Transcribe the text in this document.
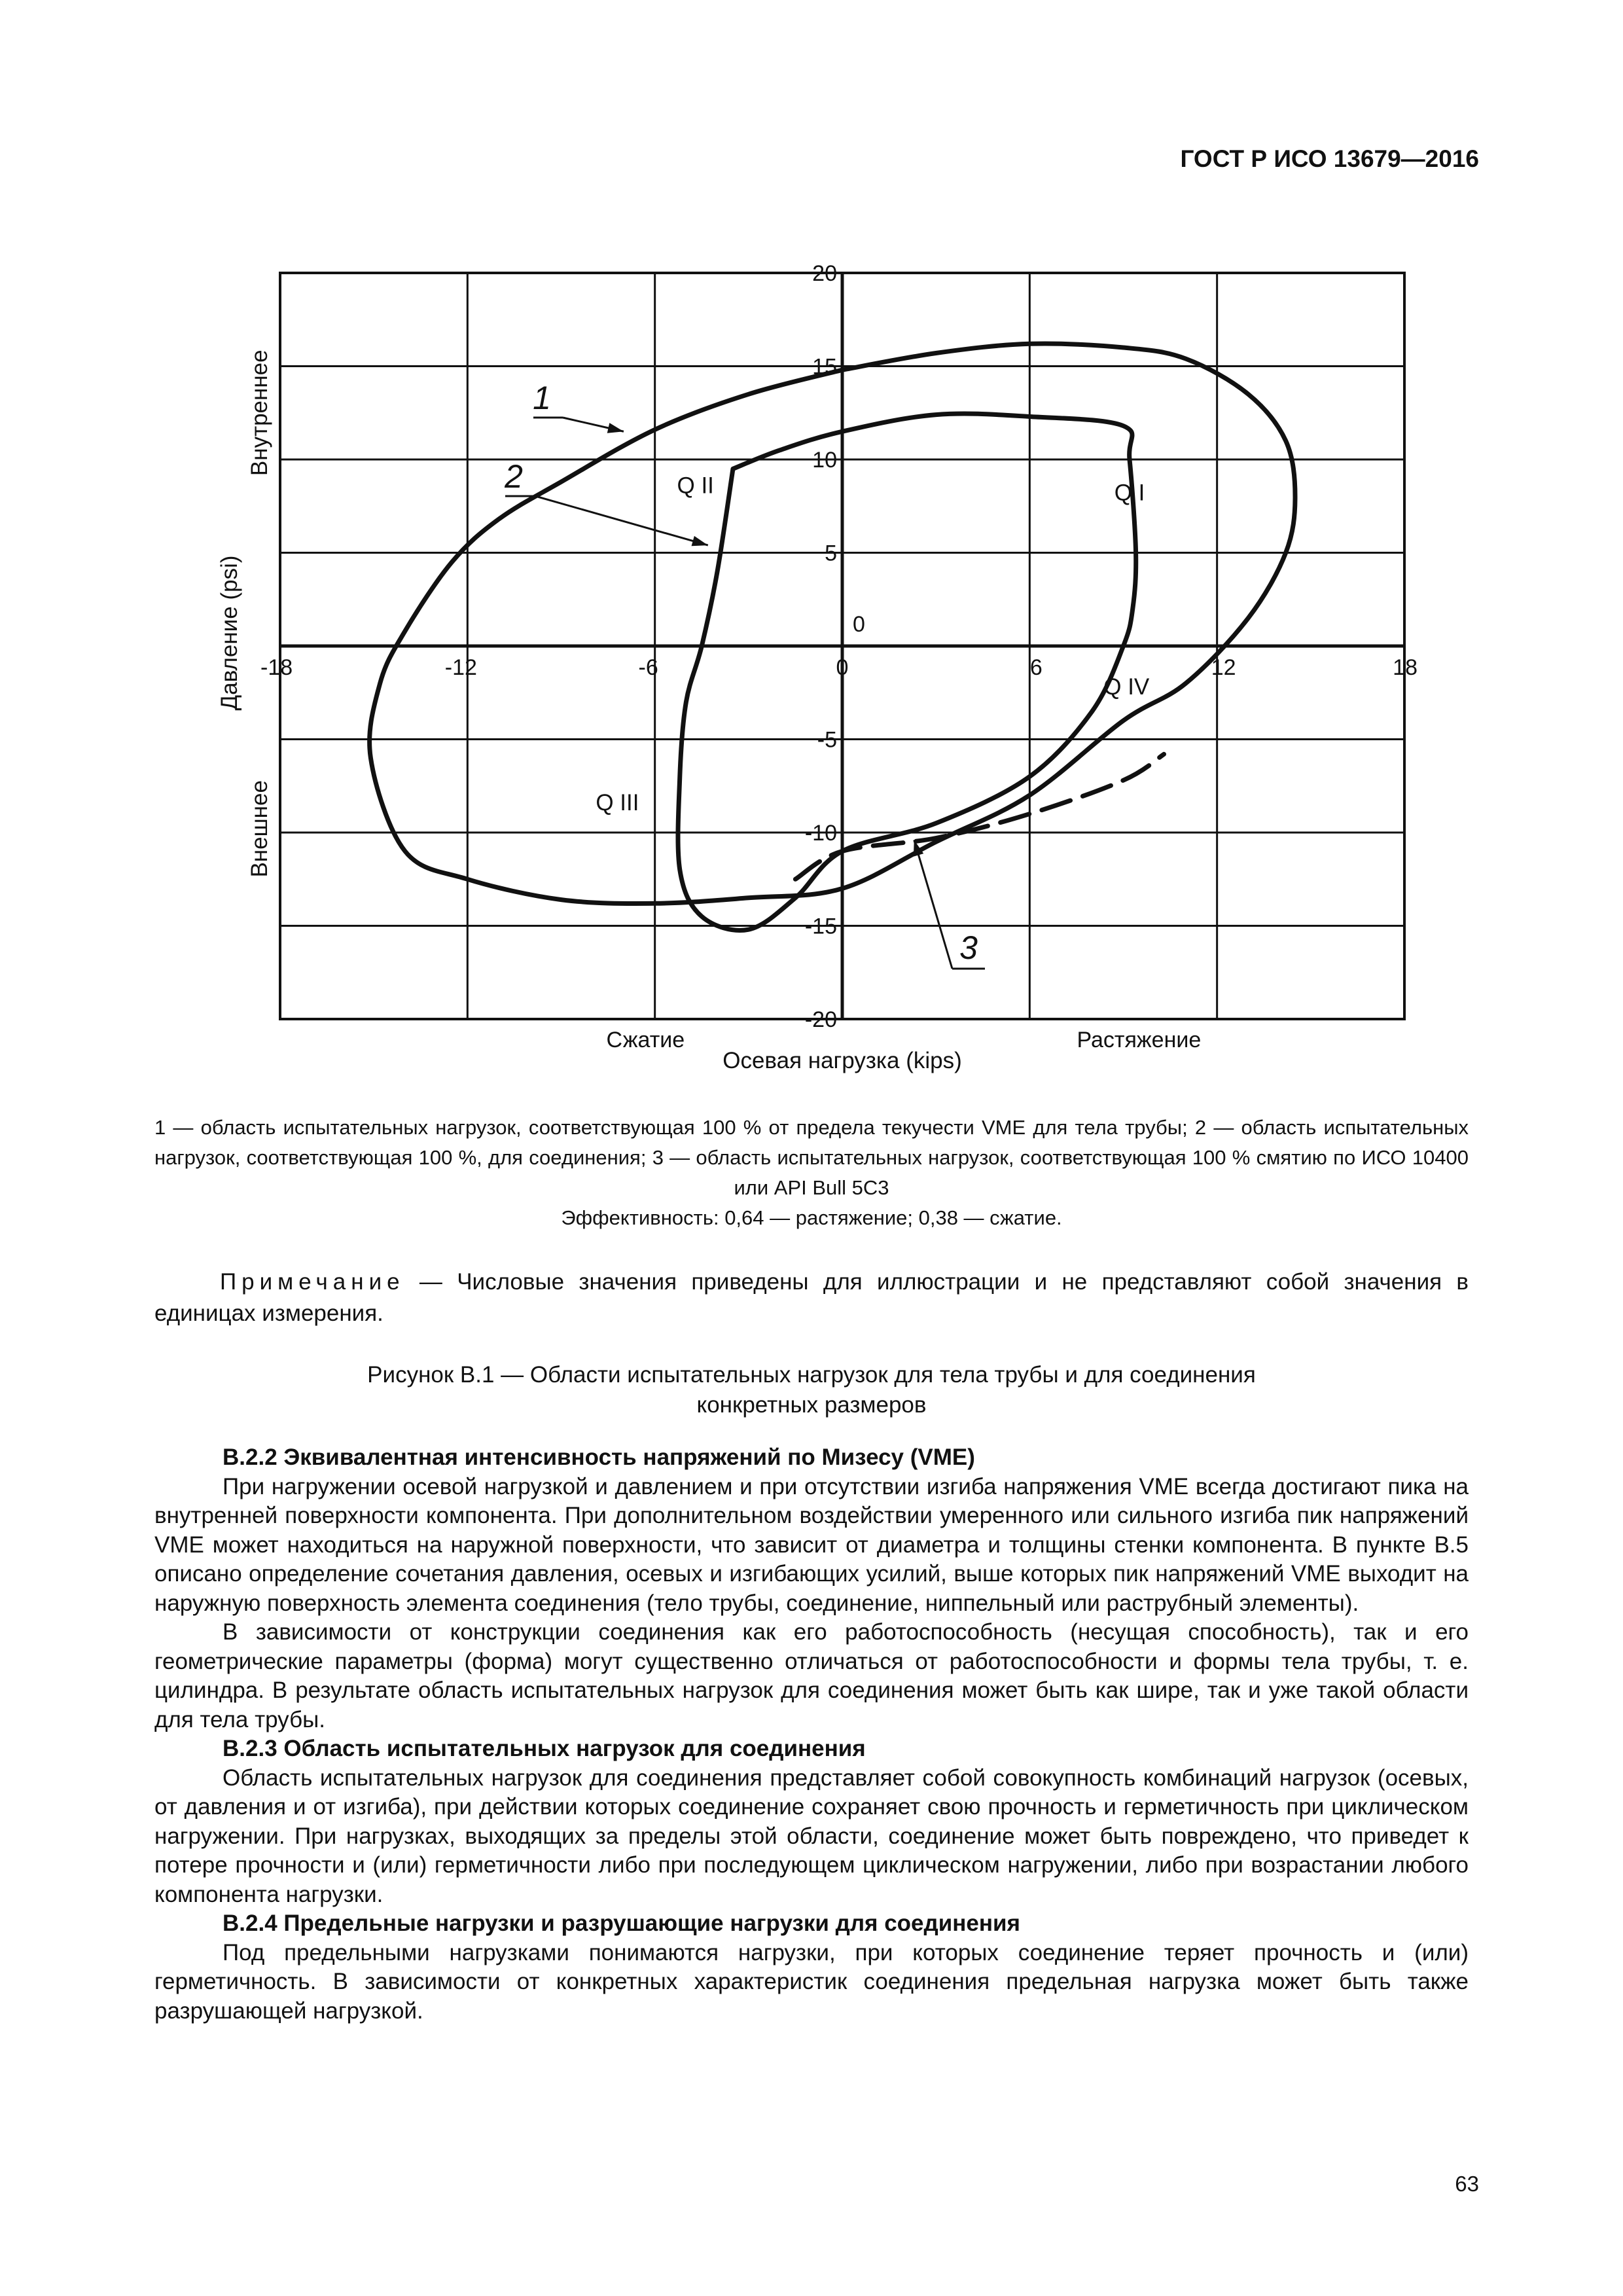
ГОСТ Р ИСО 13679—2016
-18	-12	-6	0	6	12	18
20
15
10
5
0
-5
-10
-15
-20
Q I
Q II
Q III
Q IV
1
2
3
Сжатие	Растяжение
Осевая нагрузка (kips)
Внутреннее
Внешнее
Давление (psi)
1 — область испытательных нагрузок, соответствующая 100 % от предела текучести VME для тела трубы; 2 — область испытательных нагрузок, соответствующая 100 %, для соединения; 3 — область испытательных нагрузок, соответствующая 100 % смятию по ИСО 10400 или API Bull 5C3
Эффективность: 0,64 — растяжение; 0,38 — сжатие.
Примечание — Числовые значения приведены для иллюстрации и не представляют собой значения в единицах измерения.
Рисунок В.1 — Области испытательных нагрузок для тела трубы и для соединения
конкретных размеров
В.2.2 Эквивалентная интенсивность напряжений по Мизесу (VME)

При нагружении осевой нагрузкой и давлением и при отсутствии изгиба напряжения VME всегда достигают пика на внутренней поверхности компонента. При дополнительном воздействии умеренного или сильного изгиба пик напряжений VME может находиться на наружной поверхности, что зависит от диаметра и толщины стенки компонента. В пункте В.5 описано определение сочетания давления, осевых и изгибающих усилий, выше которых пик напряжений VME выходит на наружную поверхность элемента соединения (тело трубы, соединение, ниппельный или раструбный элементы).

В зависимости от конструкции соединения как его работоспособность (несущая способность), так и его геометрические параметры (форма) могут существенно отличаться от работоспособности и формы тела трубы, т. е. цилиндра. В результате область испытательных нагрузок для соединения может быть как шире, так и уже такой области для тела трубы.

В.2.3 Область испытательных нагрузок для соединения

Область испытательных нагрузок для соединения представляет собой совокупность комбинаций нагрузок (осевых, от давления и от изгиба), при действии которых соединение сохраняет свою прочность и герметичность при циклическом нагружении. При нагрузках, выходящих за пределы этой области, соединение может быть повреждено, что приведет к потере прочности и (или) герметичности либо при последующем циклическом нагружении, либо при возрастании любого компонента нагрузки.

В.2.4 Предельные нагрузки и разрушающие нагрузки для соединения

Под предельными нагрузками понимаются нагрузки, при которых соединение теряет прочность и (или) герметичность. В зависимости от конкретных характеристик соединения предельная нагрузка может быть также разрушающей нагрузкой.

63
